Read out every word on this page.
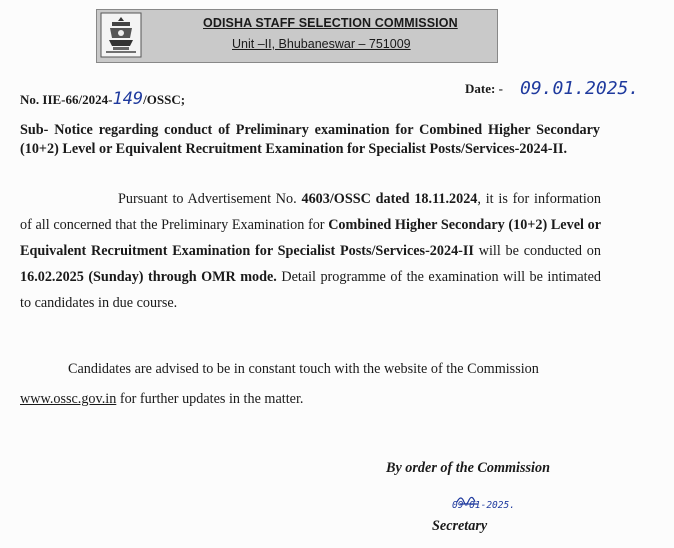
ODISHA STAFF SELECTION COMMISSION
Unit –II, Bhubaneswar – 751009
No. IIE-66/2024-149/OSSC;
Date: - 09.01.2025.
Sub- Notice regarding conduct of Preliminary examination for Combined Higher Secondary (10+2) Level or Equivalent Recruitment Examination for Specialist Posts/Services-2024-II.
Pursuant to Advertisement No. 4603/OSSC dated 18.11.2024, it is for information of all concerned that the Preliminary Examination for Combined Higher Secondary (10+2) Level or Equivalent Recruitment Examination for Specialist Posts/Services-2024-II will be conducted on 16.02.2025 (Sunday) through OMR mode. Detail programme of the examination will be intimated to candidates in due course.
Candidates are advised to be in constant touch with the website of the Commission www.ossc.gov.in for further updates in the matter.
By order of the Commission
09-01-2025.
Secretary
